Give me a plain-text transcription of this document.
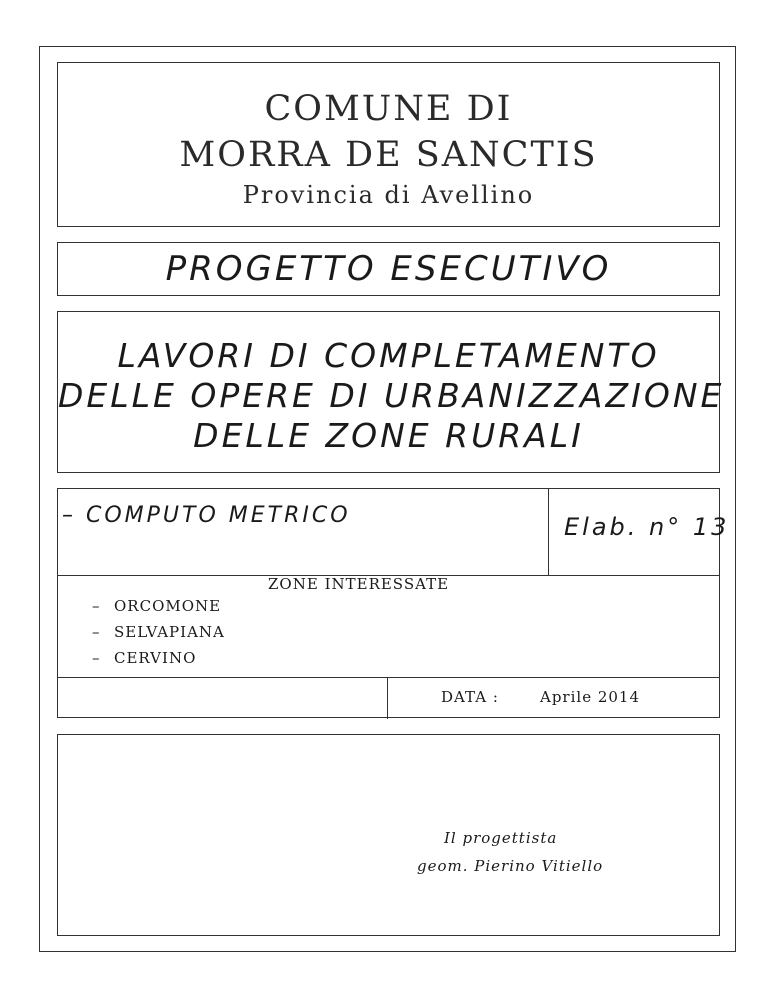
COMUNE DI
MORRA DE SANCTIS
Provincia di Avellino
PROGETTO ESECUTIVO
LAVORI DI COMPLETAMENTO
DELLE OPERE DI URBANIZZAZIONE
DELLE ZONE RURALI
– COMPUTO METRICO	Elab. n° 13
ZONE INTERESSATE
– ORCOMONE
– SELVAPIANA
– CERVINO
DATA :	Aprile 2014
Il progettista
geom. Pierino Vitiello
